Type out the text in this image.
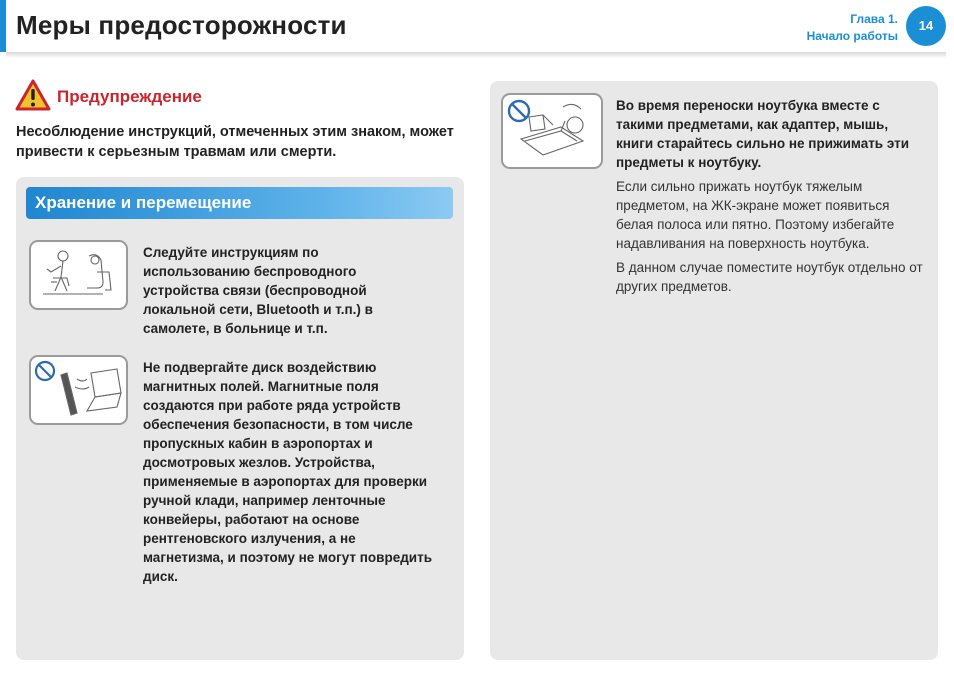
Меры предосторожности	Глава 1.
Начало работы
14
Предупреждение
Несоблюдение инструкций, отмеченных этим знаком, может привести к серьезным травмам или смерти.
Хранение и перемещение
Следуйте инструкциям по использованию беспроводного устройства связи (беспроводной локальной сети, Bluetooth и т.п.) в самолете, в больнице и т.п.
Не подвергайте диск воздействию магнитных полей. Магнитные поля создаются при работе ряда устройств обеспечения безопасности, в том числе пропускных кабин в аэропортах и досмотровых жезлов. Устройства, применяемые в аэропортах для проверки ручной клади, например ленточные конвейеры, работают на основе рентгеновского излучения, а не магнетизма, и поэтому не могут повредить диск.
Во время переноски ноутбука вместе с такими предметами, как адаптер, мышь, книги старайтесь сильно не прижимать эти предметы к ноутбуку.
Если сильно прижать ноутбук тяжелым предметом, на ЖК-экране может появиться белая полоса или пятно. Поэтому избегайте надавливания на поверхность ноутбука.
В данном случае поместите ноутбук отдельно от других предметов.
